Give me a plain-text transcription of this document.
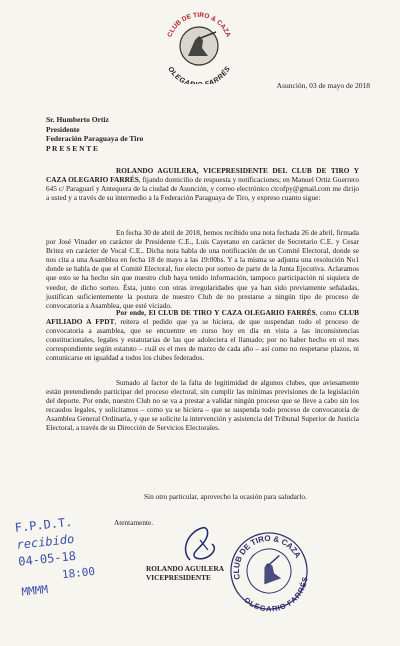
CLUB DE TIRO & CAZA
OLEGA ARRÉS
Asunción, 03 de mayo de 2018
Sr. Humberto Ortiz
Presidente
Federación Paraguaya de Tiro
P R E S E N T E
ROLANDO AGUILERA, VICEPRESIDENTE DEL CLUB DE TIRO Y CAZA OLEGARIO FARRÉS, fijando domicilio de respuesta y notificaciones; en Manuel Ortiz Guerrero 645 c/ Paraguarí y Antequera de la ciudad de Asunción, y correo electrónico ctcofpy@gmail.com me dirijo a usted y a través de su intermedio a la Federación Paraguaya de Tiro, y expreso cuanto sigue:
En fecha 30 de abril de 2018, hemos recibido una nota fechada 26 de abril, firmada por José Vinader en carácter de Presidente C.E., Luis Cayetano en carácter de Secretario C.E. y Cesar Britez en carácter de Vocal C.E.. Dicha nota habla de una notificación de un Comité Electoral, donde se nos cita a una Asamblea en fecha 18 de mayo a las 19:00hs. Y a la misma se adjunta una resolución No1 donde se habla de que el Comité Electoral, fue electo por sorteo de parte de la Junta Ejecutiva. Aclaramos que esto se ha hecho sin que nuestro club haya tenido información, tampoco participación ni siquiera de veedor, de dicho sorteo. Ésta, junto con otras irregularidades que ya han sido previamente señaladas, justifican suficientemente la postura de nuestro Club de no prestarse a ningún tipo de proceso de convocatoria a Asamblea, que esté viciado.
Por ende, El CLUB DE TIRO Y CAZA OLEGARIO FARRÉS, como CLUB AFILIADO A FPDT, reitera el pedido que ya se hiciera, de que suspendan todo el proceso de convocatoria a asamblea, que se encuentre en curso hoy en día en vista a las inconsistencias constitucionales, legales y estatutarias de las que adoleciera el llamado; por no haber hecho en el mes correspondiente según estatuto – cuál es el mes de marzo de cada año – así como no respetarse plazos, ni comunicarse en igualdad a todos los clubes federados.
Sumado al factor de la falta de legitimidad de algunos clubes, que aviesamente están pretendiendo participar del proceso electoral, sin cumplir las mínimas previsiones de la legislación del deporte. Por ende, nuestro Club no se va a prestar a validar ningún proceso que se lleve a cabo sin los recaudos legales, y solicitamos – como ya se hiciera – que se suspenda todo proceso de convocatoria de Asamblea General Ordinaria, y que se solicite la intervención y asistencia del Tribunal Superior de Justicia Electoral, a través de su Dirección de Servicios Electorales.
Sin otro particular, aprovecho la ocasión para saludarlo.
Atentamente.
ROLANDO AGUILERA
VICEPRESIDENTE	CLUB DE TIRO & CAZA
OLEGARIO FARRÉS
F.P.D.T.
recibido
04-05-18
18:00
MMMM
